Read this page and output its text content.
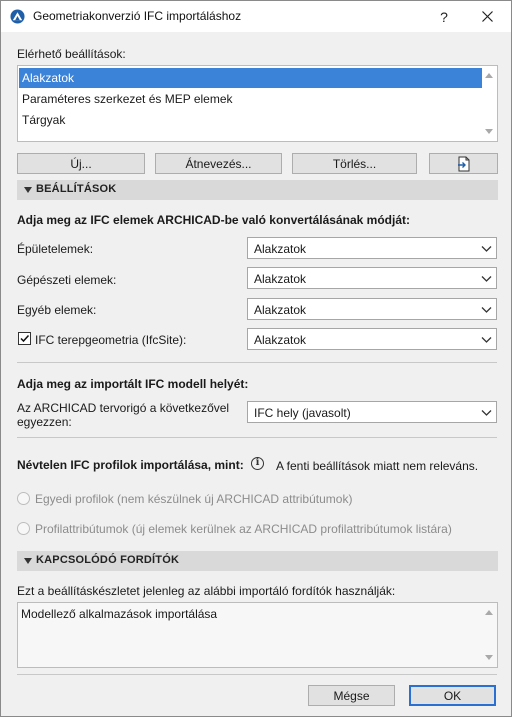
Geometriakonverzió IFC importáláshoz	?
Elérhető beállítások:
Alakzatok
Paraméteres szerkezet és MEP elemek
Tárgyak
Új...	Átnevezés...	Törlés...
BEÁLLÍTÁSOK
Adja meg az IFC elemek ARCHICAD-be való konvertálásának módját:
Épületelemek:	Alakzatok
Gépészeti elemek:	Alakzatok
Egyéb elemek:	Alakzatok
IFC terepgeometria (IfcSite):	Alakzatok
Adja meg az importált IFC modell helyét:
Az ARCHICAD tervorigó a következővel
egyezzen:
IFC hely (javasolt)
Névtelen IFC profilok importálása, mint:	i	A fenti beállítások miatt nem releváns.
Egyedi profilok (nem készülnek új ARCHICAD attribútumok)
Profilattribútumok (új elemek kerülnek az ARCHICAD profilattribútumok listára)
KAPCSOLÓDÓ FORDÍTÓK
Ezt a beállításkészletet jelenleg az alábbi importáló fordítók használják:
Modellező alkalmazások importálása
Mégse	OK
